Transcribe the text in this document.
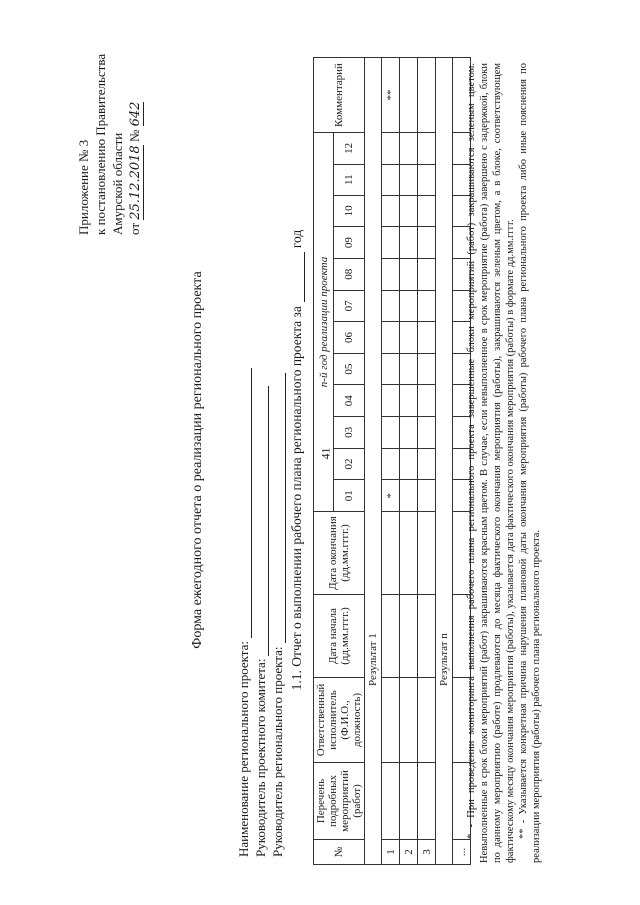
41
Приложение № 3 к постановлению Правительства Амурской области от 25.12.2018 № 642
Форма ежегодного отчета о реализации регионального проекта
Наименование регионального проекта: Руководитель проектного комитета: Руководитель регионального проекта:
1.1. Отчет о выполнении рабочего плана регионального проекта загод
№	Перечень подробных мероприятий (работ)	Ответственный исполнитель (Ф.И.О., должность)	Дата начала (дд.мм.гггг.)	Дата окончания (дд.мм.гггг.)	n-й год реализации проекта												Комментарий
					01	02	03	04	05	06	07	08	09	10	11	12	
Результат 1																	
1					*												**
2																	
3																	
Результат n																	
...																	

* - При проведении мониторинга выполнения рабочего плана регионального проекта завершенные блоки мероприятий (работ) закрашиваются зеленым цветом. Невыполненные в срок блоки мероприятий (работ) закрашиваются красным цветом. В случае, если невыполненное в срок мероприятие (работа) завершено с задержкой, блоки по данному мероприятию (работе) продлеваются до месяца фактического окончания мероприятия (работы), закрашиваются зеленым цветом, а в блоке, соответствующем фактическому месяцу окончания мероприятия (работы), указывается дата фактического окончания мероприятия (работы) в формате дд.мм.гггг. ** - Указывается конкретная причина нарушения плановой даты окончания мероприятия (работы) рабочего плана регионального проекта либо иные пояснения по реализации мероприятия (работы) рабочего плана регионального проекта.
